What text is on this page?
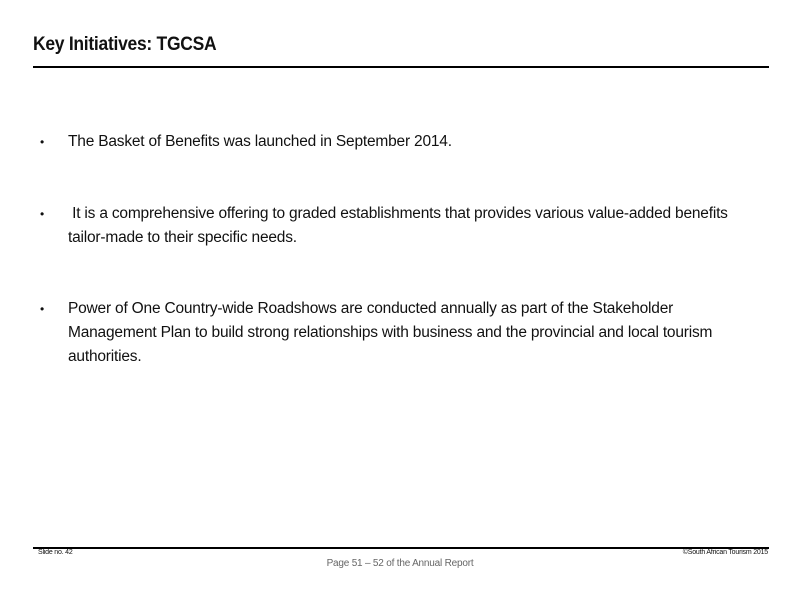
Key Initiatives: TGCSA
• The Basket of Benefits was launched in September 2014.
• It is a comprehensive offering to graded establishments that provides various value-added benefits tailor-made to their specific needs.
• Power of One Country-wide Roadshows are conducted annually as part of the Stakeholder Management Plan to build strong relationships with business and the provincial and local tourism authorities.
Slide no. 42
Page 51 – 52 of the Annual Report
©South African Tourism 2015
